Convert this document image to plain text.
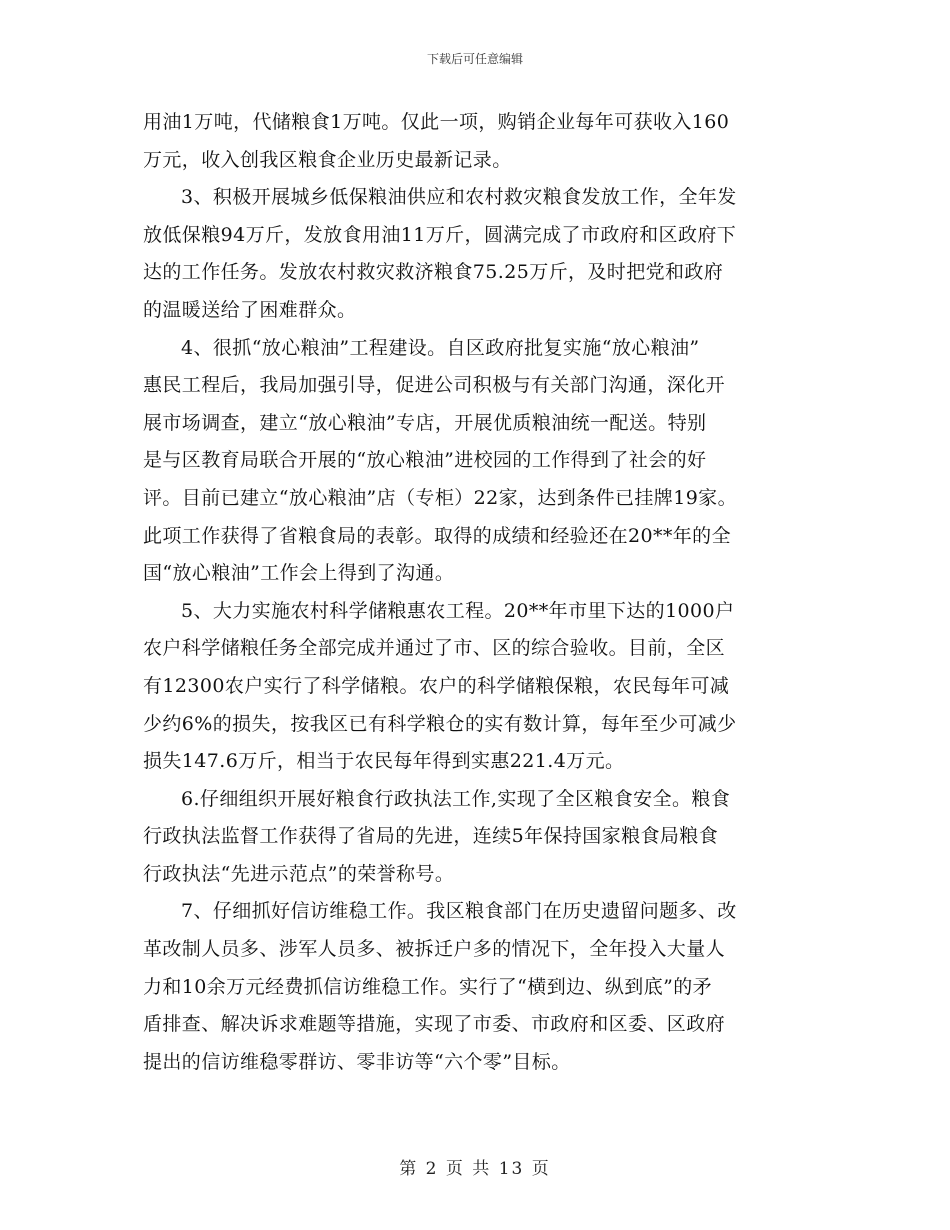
下载后可任意编辑
用油1万吨，代储粮食1万吨。仅此一项，购销企业每年可获收入160
万元，收入创我区粮食企业历史最新记录。
3、积极开展城乡低保粮油供应和农村救灾粮食发放工作，全年发
放低保粮94万斤，发放食用油11万斤，圆满完成了市政府和区政府下
达的工作任务。发放农村救灾救济粮食75.25万斤，及时把党和政府
的温暖送给了困难群众。
4、很抓“放心粮油”工程建设。自区政府批复实施“放心粮油”
惠民工程后，我局加强引导，促进公司积极与有关部门沟通，深化开
展市场调查，建立“放心粮油”专店，开展优质粮油统一配送。特别
是与区教育局联合开展的“放心粮油”进校园的工作得到了社会的好
评。目前已建立“放心粮油”店（专柜）22家，达到条件已挂牌19家。
此项工作获得了省粮食局的表彰。取得的成绩和经验还在20**年的全
国“放心粮油”工作会上得到了沟通。
5、大力实施农村科学储粮惠农工程。20**年市里下达的1000户
农户科学储粮任务全部完成并通过了市、区的综合验收。目前，全区
有12300农户实行了科学储粮。农户的科学储粮保粮，农民每年可减
少约6%的损失，按我区已有科学粮仓的实有数计算，每年至少可减少
损失147.6万斤，相当于农民每年得到实惠221.4万元。
6.仔细组织开展好粮食行政执法工作,实现了全区粮食安全。粮食
行政执法监督工作获得了省局的先进，连续5年保持国家粮食局粮食
行政执法“先进示范点”的荣誉称号。
7、仔细抓好信访维稳工作。我区粮食部门在历史遗留问题多、改
革改制人员多、涉军人员多、被拆迁户多的情况下，全年投入大量人
力和10余万元经费抓信访维稳工作。实行了“横到边、纵到底”的矛
盾排查、解决诉求难题等措施，实现了市委、市政府和区委、区政府
提出的信访维稳零群访、零非访等“六个零”目标。
第 2 页 共 13 页
